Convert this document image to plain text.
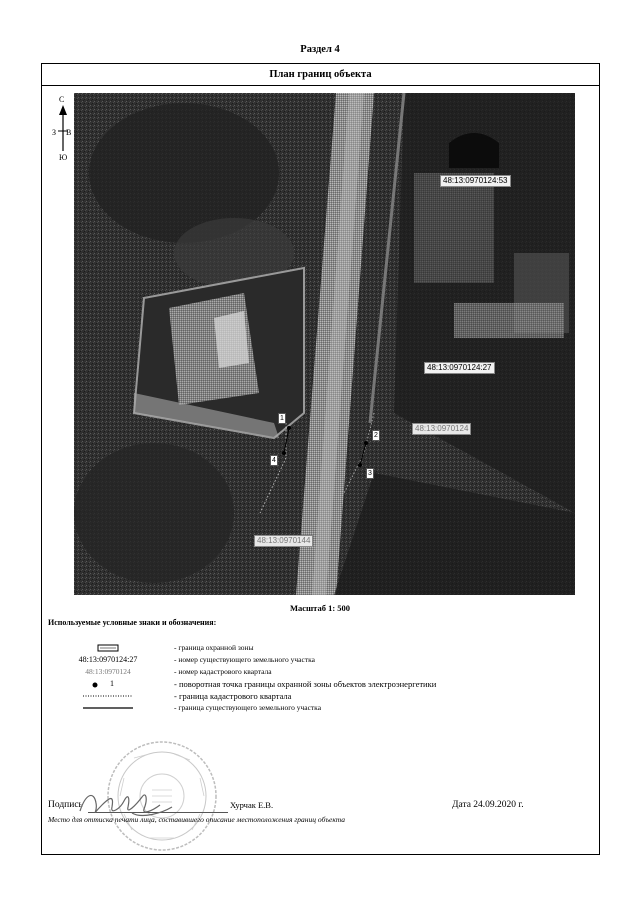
Раздел 4
План границ объекта
С
В
З
Ю
48:13:0970124:53
48:13:0970124:27
48:13:0970124
48:13:0970144
1
2
3
4
Масштаб 1: 500
Используемые условные знаки и обозначения:
- граница охранной зоны
48:13:0970124:27	- номер существующего земельного участка
48:13:0970124	- номер кадастрового квартала
1	- поворотная точка границы охранной зоны объектов электроэнергетики
- граница кадастрового квартала
- граница существующего земельного участка
Подпись	Хурчак Е.В.	Дата 24.09.2020 г.
Место для оттиска печати лица, составившего описание местоположения границ объекта
